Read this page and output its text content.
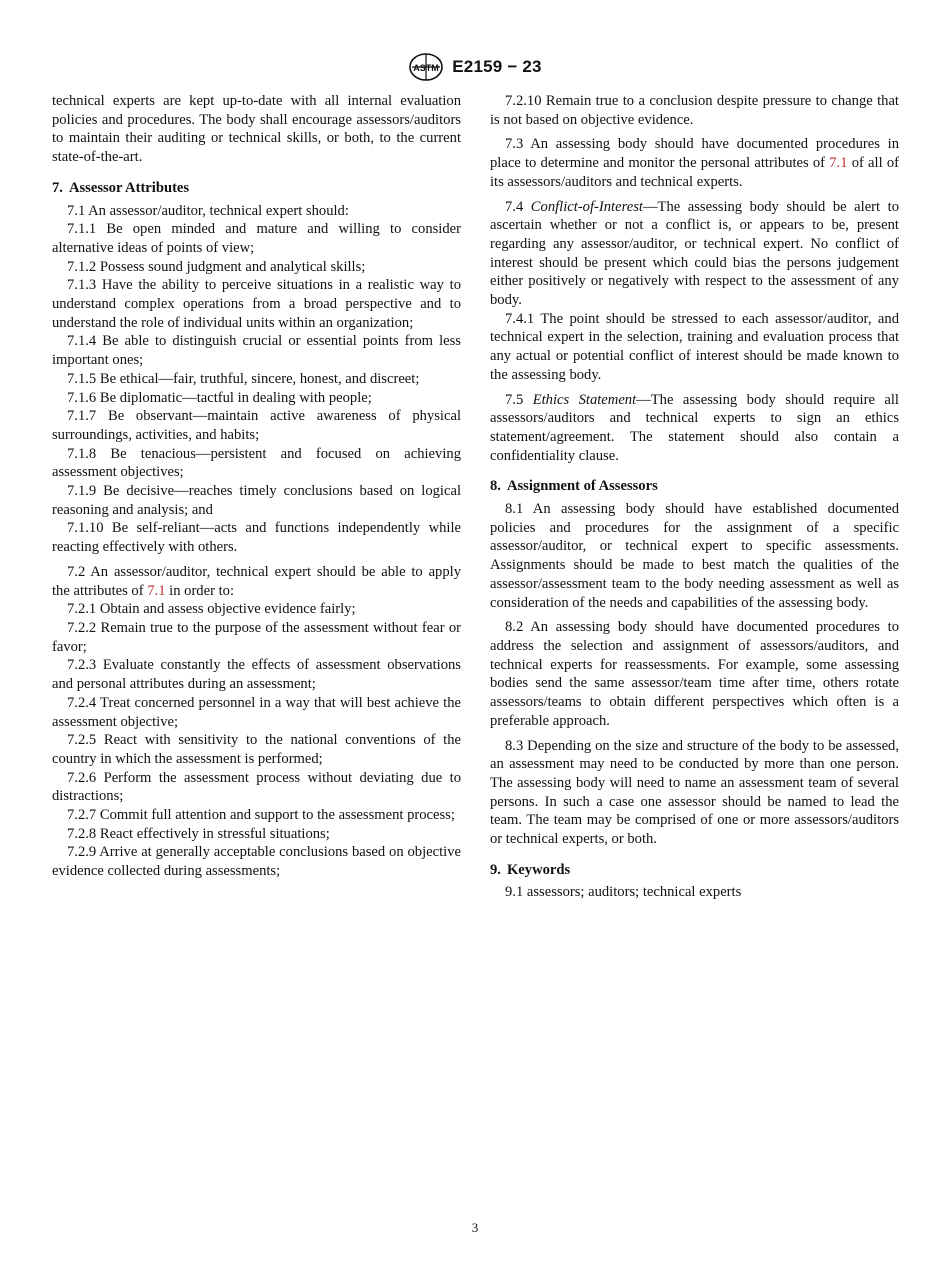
ASTM E2159 − 23

technical experts are kept up-to-date with all internal evaluation policies and procedures. The body shall encourage assessors/auditors to maintain their auditing or technical skills, or both, to the current state-of-the-art.

7. Assessor Attributes

7.1 An assessor/auditor, technical expert should:

7.1.1 Be open minded and mature and willing to consider alternative ideas of points of view;

7.1.2 Possess sound judgment and analytical skills;

7.1.3 Have the ability to perceive situations in a realistic way to understand complex operations from a broad perspective and to understand the role of individual units within an organization;

7.1.4 Be able to distinguish crucial or essential points from less important ones;

7.1.5 Be ethical—fair, truthful, sincere, honest, and discreet;

7.1.6 Be diplomatic—tactful in dealing with people;

7.1.7 Be observant—maintain active awareness of physical surroundings, activities, and habits;

7.1.8 Be tenacious—persistent and focused on achieving assessment objectives;

7.1.9 Be decisive—reaches timely conclusions based on logical reasoning and analysis; and

7.1.10 Be self-reliant—acts and functions independently while reacting effectively with others.

7.2 An assessor/auditor, technical expert should be able to apply the attributes of 7.1 in order to:

7.2.1 Obtain and assess objective evidence fairly;

7.2.2 Remain true to the purpose of the assessment without fear or favor;

7.2.3 Evaluate constantly the effects of assessment observations and personal attributes during an assessment;

7.2.4 Treat concerned personnel in a way that will best achieve the assessment objective;

7.2.5 React with sensitivity to the national conventions of the country in which the assessment is performed;

7.2.6 Perform the assessment process without deviating due to distractions;

7.2.7 Commit full attention and support to the assessment process;

7.2.8 React effectively in stressful situations;

7.2.9 Arrive at generally acceptable conclusions based on objective evidence collected during assessments;

7.2.10 Remain true to a conclusion despite pressure to change that is not based on objective evidence.

7.3 An assessing body should have documented procedures in place to determine and monitor the personal attributes of 7.1 of all of its assessors/auditors and technical experts.

7.4 Conflict-of-Interest—The assessing body should be alert to ascertain whether or not a conflict is, or appears to be, present regarding any assessor/auditor, or technical expert. No conflict of interest should be present which could bias the persons judgement either positively or negatively with respect to the assessment of any body.

7.4.1 The point should be stressed to each assessor/auditor, and technical expert in the selection, training and evaluation process that any actual or potential conflict of interest should be made known to the assessing body.

7.5 Ethics Statement—The assessing body should require all assessors/auditors and technical experts to sign an ethics statement/agreement. The statement should also contain a confidentiality clause.

8. Assignment of Assessors

8.1 An assessing body should have established documented policies and procedures for the assignment of a specific assessor/auditor, or technical expert to specific assessments. Assignments should be made to best match the qualities of the assessor/assessment team to the body needing assessment as well as consideration of the needs and capabilities of the assessing body.

8.2 An assessing body should have documented procedures to address the selection and assignment of assessors/auditors, and technical experts for reassessments. For example, some assessing bodies send the same assessor/team time after time, others rotate assessors/teams to obtain different perspectives which often is a preferable approach.

8.3 Depending on the size and structure of the body to be assessed, an assessment may need to be conducted by more than one person. The assessing body will need to name an assessment team of several persons. In such a case one assessor should be named to lead the team. The team may be comprised of one or more assessors/auditors or technical experts, or both.

9. Keywords

9.1 assessors; auditors; technical experts

3
